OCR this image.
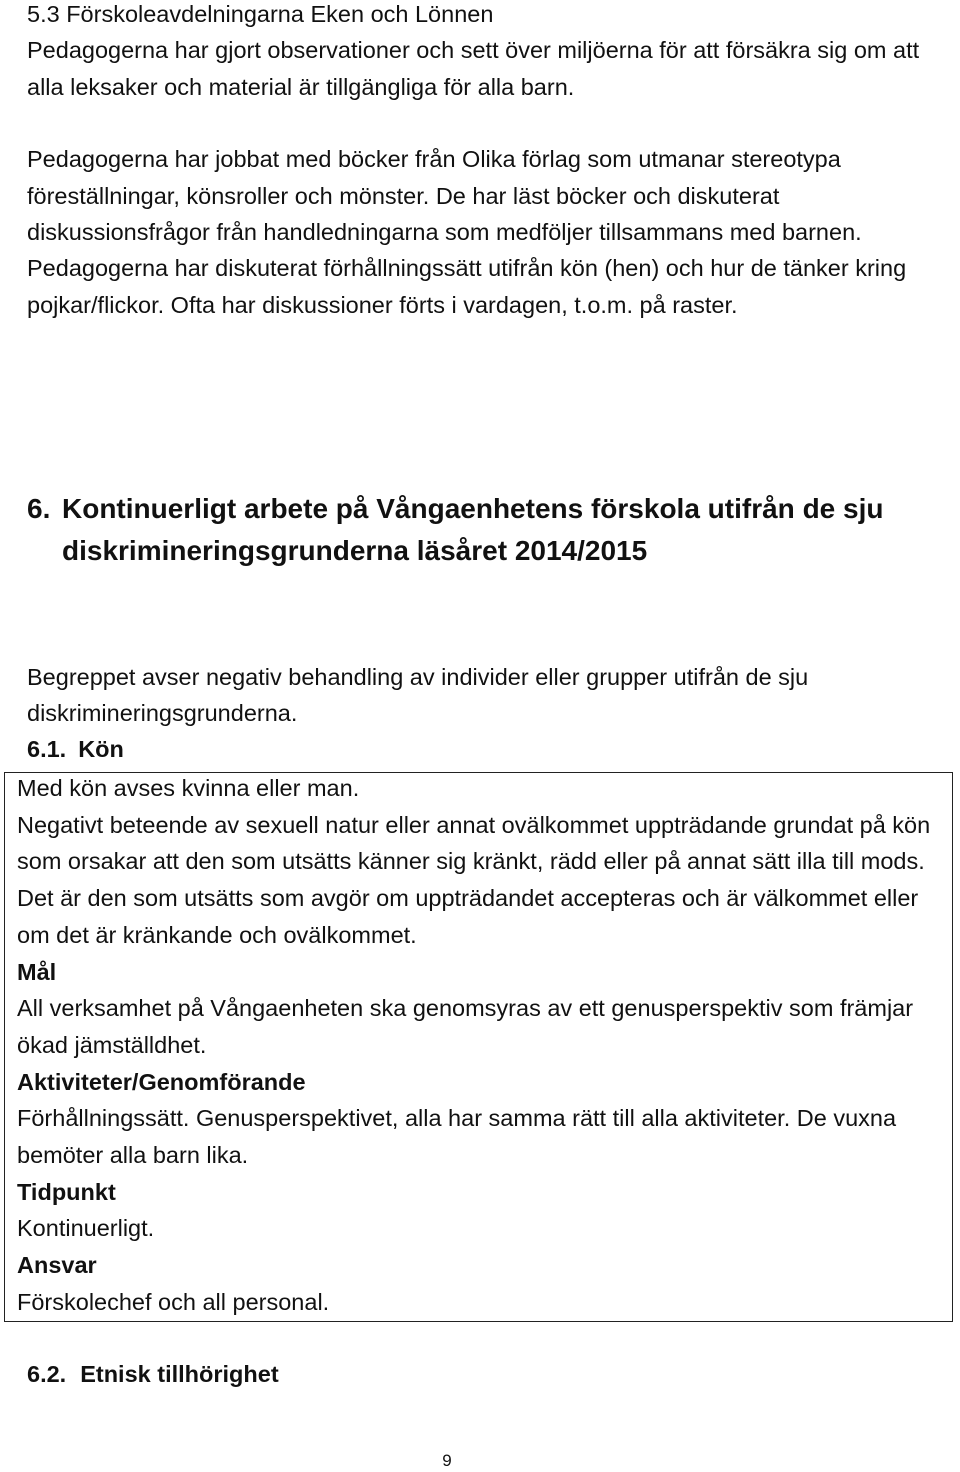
5.3 Förskoleavdelningarna Eken och Lönnen

Pedagogerna har gjort observationer och sett över miljöerna för att försäkra sig om att alla leksaker och material är tillgängliga för alla barn.

Pedagogerna har jobbat med böcker från Olika förlag som utmanar stereotypa föreställningar, könsroller och mönster. De har läst böcker och diskuterat diskussionsfrågor från handledningarna som medföljer tillsammans med barnen. Pedagogerna har diskuterat förhållningssätt utifrån kön (hen) och hur de tänker kring pojkar/flickor. Ofta har diskussioner förts i vardagen, t.o.m. på raster.

6. Kontinuerligt arbete på Vångaenhetens förskola utifrån de sju diskrimineringsgrunderna läsåret 2014/2015

Begreppet avser negativ behandling av individer eller grupper utifrån de sju diskrimineringsgrunderna.

6.1. Kön

Med kön avses kvinna eller man.

Negativt beteende av sexuell natur eller annat ovälkommet uppträdande grundat på kön som orsakar att den som utsätts känner sig kränkt, rädd eller på annat sätt illa till mods. Det är den som utsätts som avgör om uppträdandet accepteras och är välkommet eller om det är kränkande och ovälkommet.

Mål

All verksamhet på Vångaenheten ska genomsyras av ett genusperspektiv som främjar ökad jämställdhet.

Aktiviteter/Genomförande

Förhållningssätt. Genusperspektivet, alla har samma rätt till alla aktiviteter. De vuxna bemöter alla barn lika.

Tidpunkt

Kontinuerligt.

Ansvar

Förskolechef och all personal.

6.2. Etnisk tillhörighet
9
